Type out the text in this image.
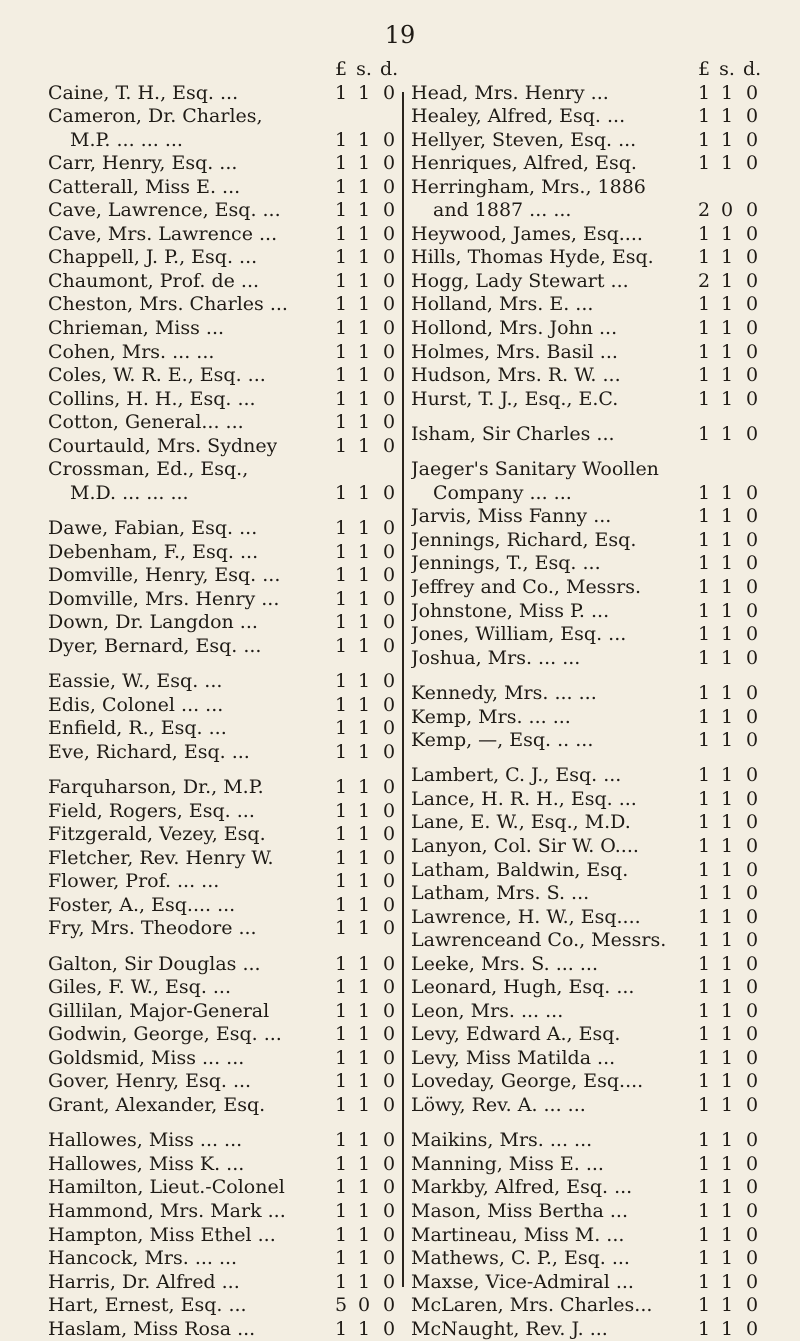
19
£ s. d.
Caine, T. H., Esq. ...	1 1 0
Cameron, Dr. Charles,
M.P. ... ... ...	1 1 0
Carr, Henry, Esq. ...	1 1 0
Catterall, Miss E. ...	1 1 0
Cave, Lawrence, Esq. ...	1 1 0
Cave, Mrs. Lawrence ...	1 1 0
Chappell, J. P., Esq. ...	1 1 0
Chaumont, Prof. de ...	1 1 0
Cheston, Mrs. Charles ... 1 1 0
Chrieman, Miss ...	1 1 0
Cohen, Mrs. ... ...	1 1 0
Coles, W. R. E., Esq. ...	1 1 0
Collins, H. H., Esq. ...	1 1 0
Cotton, General... ...	1 1 0
Courtauld, Mrs. Sydney	1 1 0
Crossman, Ed., Esq.,
M.D. ... ... ...	1 1 0
Dawe, Fabian, Esq. ...	1 1 0
Debenham, F., Esq. ...	1 1 0
Domville, Henry, Esq. ...	1 1 0
Domville, Mrs. Henry ...	1 1 0
Down, Dr. Langdon ...	1 1 0
Dyer, Bernard, Esq. ...	1 1 0
Eassie, W., Esq. ...	1 1 0
Edis, Colonel ... ...	1 1 0
Enfield, R., Esq. ...	1 1 0
Eve, Richard, Esq. ...	1 1 0
Farquharson, Dr., M.P.	1 1 0
Field, Rogers, Esq. ...	1 1 0
Fitzgerald, Vezey, Esq.	1 1 0
Fletcher, Rev. Henry W.	1 1 0
Flower, Prof. ... ...	1 1 0
Foster, A., Esq.... ...	1 1 0
Fry, Mrs. Theodore ...	1 1 0
Galton, Sir Douglas ...	1 1 0
Giles, F. W., Esq. ...	1 1 0
Gillilan, Major-General	1 1 0
Godwin, George, Esq. ...	1 1 0
Goldsmid, Miss ... ...	1 1 0
Gover, Henry, Esq. ...	1 1 0
Grant, Alexander, Esq.	1 1 0
Hallowes, Miss ... ...	1 1 0
Hallowes, Miss K. ...	1 1 0
Hamilton, Lieut.-Colonel	1 1 0
Hammond, Mrs. Mark ...	1 1 0
Hampton, Miss Ethel ...	1 1 0
Hancock, Mrs. ... ...	1 1 0
Harris, Dr. Alfred ...	1 1 0
Hart, Ernest, Esq. ...	5 0 0
Haslam, Miss Rosa ...	1 1 0
£ s. d.
Head, Mrs. Henry ...	1 1 0
Healey, Alfred, Esq. ...	1 1 0
Hellyer, Steven, Esq. ...	1 1 0
Henriques, Alfred, Esq.	1 1 0
Herringham, Mrs., 1886
and 1887 ... ...	2 0 0
Heywood, James, Esq....	1 1 0
Hills, Thomas Hyde, Esq. 1 1 0
Hogg, Lady Stewart ...	2 1 0
Holland, Mrs. E. ...	1 1 0
Hollond, Mrs. John ...	1 1 0
Holmes, Mrs. Basil ...	1 1 0
Hudson, Mrs. R. W. ...	1 1 0
Hurst, T. J., Esq., E.C.	1 1 0
Isham, Sir Charles ...	1 1 0
Jaeger's Sanitary Woollen
Company ... ...	1 1 0
Jarvis, Miss Fanny ...	1 1 0
Jennings, Richard, Esq.	1 1 0
Jennings, T., Esq. ...	1 1 0
Jeffrey and Co., Messrs.	1 1 0
Johnstone, Miss P. ...	1 1 0
Jones, William, Esq. ...	1 1 0
Joshua, Mrs. ... ...	1 1 0
Kennedy, Mrs. ... ...	1 1 0
Kemp, Mrs. ... ...	1 1 0
Kemp, —, Esq. .. ...	1 1 0
Lambert, C. J., Esq. ...	1 1 0
Lance, H. R. H., Esq. ...	1 1 0
Lane, E. W., Esq., M.D.	1 1 0
Lanyon, Col. Sir W. O....	1 1 0
Latham, Baldwin, Esq.	1 1 0
Latham, Mrs. S. ...	1 1 0
Lawrence, H. W., Esq....	1 1 0
Lawrenceand Co., Messrs. 1 1 0
Leeke, Mrs. S. ... ...	1 1 0
Leonard, Hugh, Esq. ...	1 1 0
Leon, Mrs. ... ...	1 1 0
Levy, Edward A., Esq.	1 1 0
Levy, Miss Matilda ...	1 1 0
Loveday, George, Esq....	1 1 0
Löwy, Rev. A. ... ...	1 1 0
Maikins, Mrs. ... ...	1 1 0
Manning, Miss E. ...	1 1 0
Markby, Alfred, Esq. ...	1 1 0
Mason, Miss Bertha ...	1 1 0
Martineau, Miss M. ...	1 1 0
Mathews, C. P., Esq. ...	1 1 0
Maxse, Vice-Admiral ...	1 1 0
McLaren, Mrs. Charles... 1 1 0
McNaught, Rev. J. ...	1 1 0
